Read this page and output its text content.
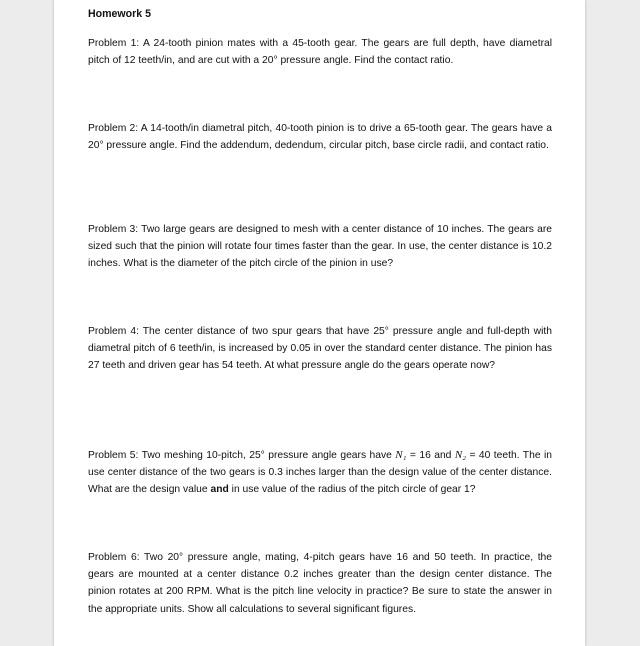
Homework 5

Problem 1: A 24-tooth pinion mates with a 45-tooth gear. The gears are full depth, have diametral pitch of 12 teeth/in, and are cut with a 20° pressure angle. Find the contact ratio.

Problem 2: A 14-tooth/in diametral pitch, 40-tooth pinion is to drive a 65-tooth gear. The gears have a 20° pressure angle. Find the addendum, dedendum, circular pitch, base circle radii, and contact ratio.

Problem 3: Two large gears are designed to mesh with a center distance of 10 inches. The gears are sized such that the pinion will rotate four times faster than the gear. In use, the center distance is 10.2 inches. What is the diameter of the pitch circle of the pinion in use?

Problem 4: The center distance of two spur gears that have 25° pressure angle and full-depth with diametral pitch of 6 teeth/in, is increased by 0.05 in over the standard center distance. The pinion has 27 teeth and driven gear has 54 teeth. At what pressure angle do the gears operate now?

Problem 5: Two meshing 10-pitch, 25° pressure angle gears have N₁ = 16 and N₂ = 40 teeth. The in use center distance of the two gears is 0.3 inches larger than the design value of the center distance. What are the design value and in use value of the radius of the pitch circle of gear 1?

Problem 6: Two 20° pressure angle, mating, 4-pitch gears have 16 and 50 teeth. In practice, the gears are mounted at a center distance 0.2 inches greater than the design center distance. The pinion rotates at 200 RPM. What is the pitch line velocity in practice? Be sure to state the answer in the appropriate units. Show all calculations to several significant figures.
